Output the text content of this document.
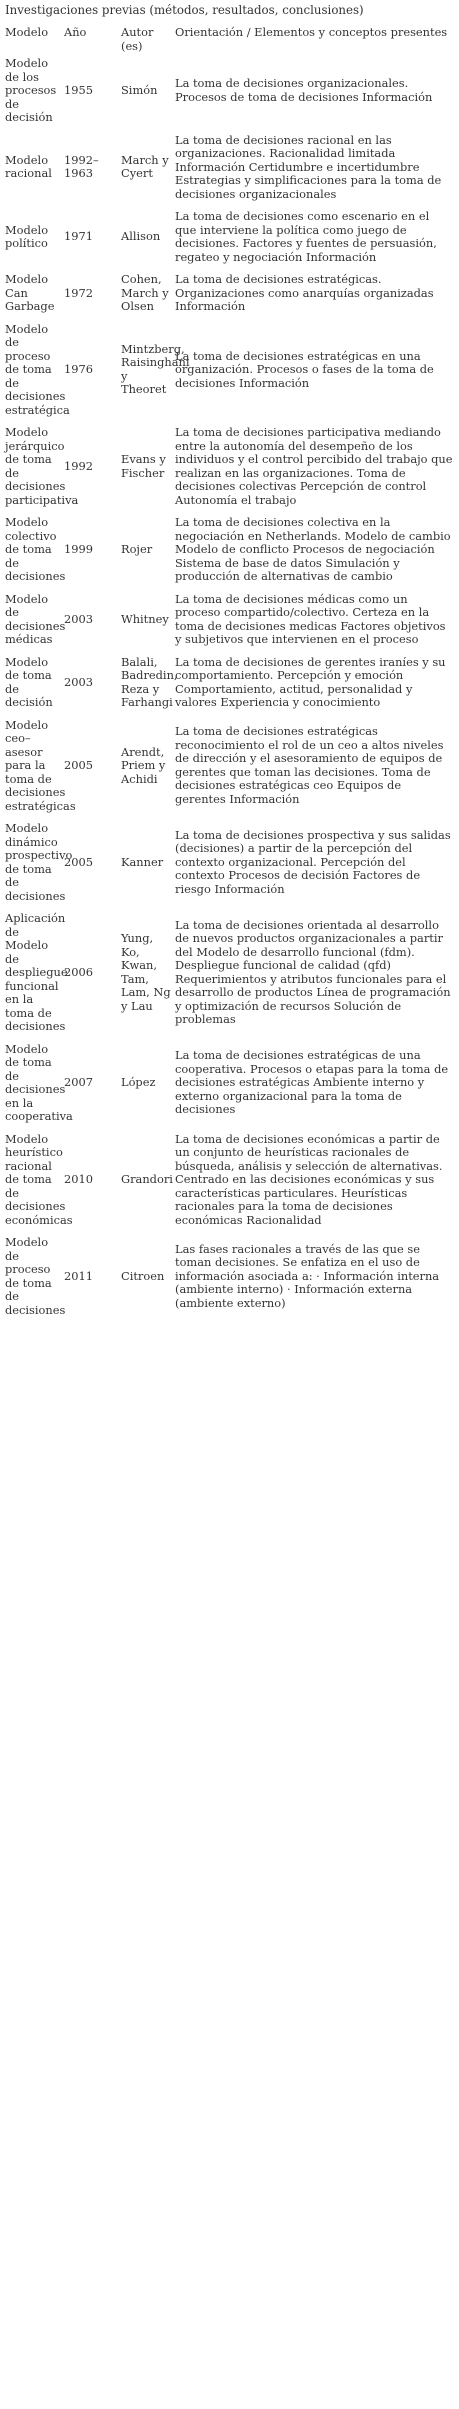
Investigaciones previas (métodos, resultados, conclusiones)
Modelo	Año	Autor (es)	Orientación / Elementos y conceptos presentes
Modelo de los procesos de decisión	1955	Simón	La toma de decisiones organizacionales. Procesos de toma de decisiones Información
Modelo racional	1992–1963	March y Cyert	La toma de decisiones racional en las organizaciones. Racionalidad limitada Información Certidumbre e incertidumbre Estrategias y simplificaciones para la toma de decisiones organizacionales
Modelo político	1971	Allison	La toma de decisiones como escenario en el que interviene la política como juego de decisiones. Factores y fuentes de persuasión, regateo y negociación Información
Modelo Can Garbage	1972	Cohen, March y Olsen	La toma de decisiones estratégicas. Organizaciones como anarquías organizadas Información
Modelo de proceso de toma de decisiones estratégica	1976	Mintzberg, Raisinghani y Theoret	La toma de decisiones estratégicas en una organización. Procesos o fases de la toma de decisiones Información
Modelo jerárquico de toma de decisiones participativa	1992	Evans y Fischer	La toma de decisiones participativa mediando entre la autonomía del desempeño de los individuos y el control percibido del trabajo que realizan en las organizaciones. Toma de decisiones colectivas Percepción de control Autonomía el trabajo
Modelo colectivo de toma de decisiones	1999	Rojer	La toma de decisiones colectiva en la negociación en Netherlands. Modelo de cambio Modelo de conflicto Procesos de negociación Sistema de base de datos Simulación y producción de alternativas de cambio
Modelo de decisiones médicas	2003	Whitney	La toma de decisiones médicas como un proceso compartido/colectivo. Certeza en la toma de decisiones medicas Factores objetivos y subjetivos que intervienen en el proceso
Modelo de toma de decisión	2003	Balali, Badredin, Reza y Farhangi	La toma de decisiones de gerentes iraníes y su comportamiento. Percepción y emoción Comportamiento, actitud, personalidad y valores Experiencia y conocimiento
Modelo ceo–asesor para la toma de decisiones estratégicas	2005	Arendt, Priem y Achidi	La toma de decisiones estratégicas reconocimiento el rol de un ceo a altos niveles de dirección y el asesoramiento de equipos de gerentes que toman las decisiones. Toma de decisiones estratégicas ceo Equipos de gerentes Información
Modelo dinámico prospectivo de toma de decisiones	2005	Kanner	La toma de decisiones prospectiva y sus salidas (decisiones) a partir de la percepción del contexto organizacional. Percepción del contexto Procesos de decisión Factores de riesgo Información
Aplicación de Modelo de despliegue funcional en la toma de decisiones	2006	Yung, Ko, Kwan, Tam, Lam, Ng y Lau	La toma de decisiones orientada al desarrollo de nuevos productos organizacionales a partir del Modelo de desarrollo funcional (fdm). Despliegue funcional de calidad (qfd) Requerimientos y atributos funcionales para el desarrollo de productos Línea de programación y optimización de recursos Solución de problemas
Modelo de toma de decisiones en la cooperativa	2007	López	La toma de decisiones estratégicas de una cooperativa. Procesos o etapas para la toma de decisiones estratégicas Ambiente interno y externo organizacional para la toma de decisiones
Modelo heurístico racional de toma de decisiones económicas	2010	Grandori	La toma de decisiones económicas a partir de un conjunto de heurísticas racionales de búsqueda, análisis y selección de alternativas. Centrado en las decisiones económicas y sus características particulares. Heurísticas racionales para la toma de decisiones económicas Racionalidad
Modelo de proceso de toma de decisiones	2011	Citroen	Las fases racionales a través de las que se toman decisiones. Se enfatiza en el uso de información asociada a: · Información interna (ambiente interno) · Información externa (ambiente externo)
